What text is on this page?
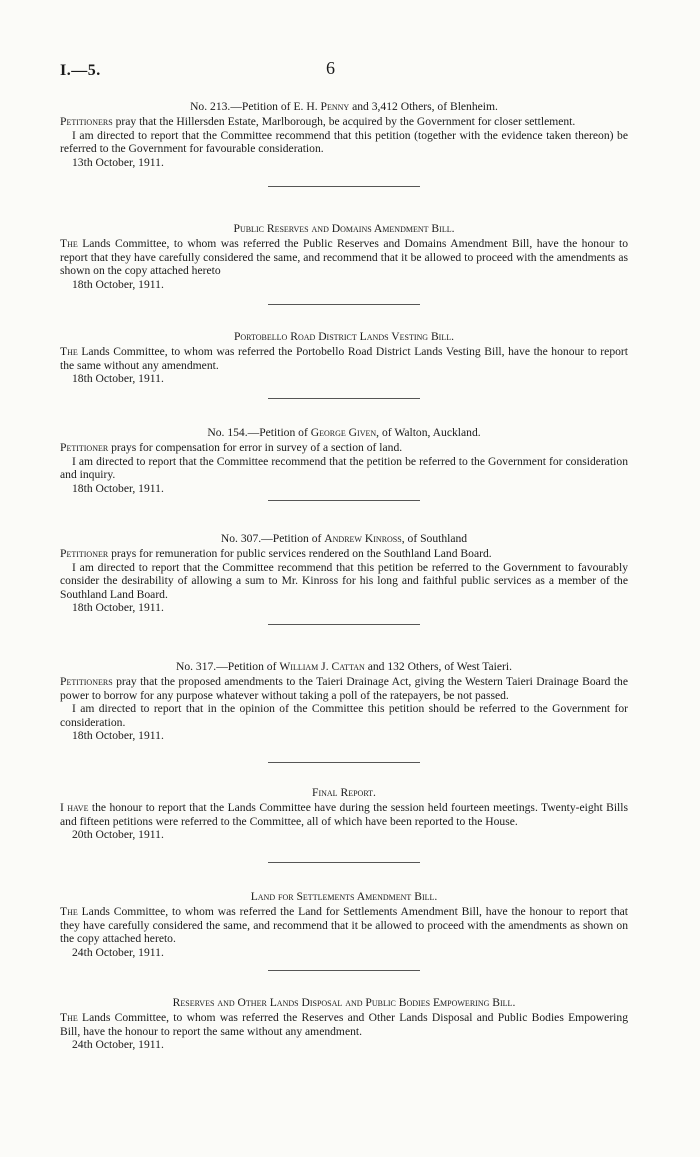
I.—5.	6

No. 213.—Petition of E. H. Penny and 3,412 Others, of Blenheim.

Petitioners pray that the Hillersden Estate, Marlborough, be acquired by the Government for closer settlement.

I am directed to report that the Committee recommend that this petition (together with the evidence taken thereon) be referred to the Government for favourable consideration.

13th October, 1911.

Public Reserves and Domains Amendment Bill.

The Lands Committee, to whom was referred the Public Reserves and Domains Amendment Bill, have the honour to report that they have carefully considered the same, and recommend that it be allowed to proceed with the amendments as shown on the copy attached hereto

18th October, 1911.

Portobello Road District Lands Vesting Bill.

The Lands Committee, to whom was referred the Portobello Road District Lands Vesting Bill, have the honour to report the same without any amendment.

18th October, 1911.

No. 154.—Petition of George Given, of Walton, Auckland.

Petitioner prays for compensation for error in survey of a section of land.

I am directed to report that the Committee recommend that the petition be referred to the Government for consideration and inquiry.

18th October, 1911.

No. 307.—Petition of Andrew Kinross, of Southland

Petitioner prays for remuneration for public services rendered on the Southland Land Board.

I am directed to report that the Committee recommend that this petition be referred to the Government to favourably consider the desirability of allowing a sum to Mr. Kinross for his long and faithful public services as a member of the Southland Land Board.

18th October, 1911.

No. 317.—Petition of William J. Cattan and 132 Others, of West Taieri.

Petitioners pray that the proposed amendments to the Taieri Drainage Act, giving the Western Taieri Drainage Board the power to borrow for any purpose whatever without taking a poll of the ratepayers, be not passed.

I am directed to report that in the opinion of the Committee this petition should be referred to the Government for consideration.

18th October, 1911.

Final Report.

I have the honour to report that the Lands Committee have during the session held fourteen meetings. Twenty-eight Bills and fifteen petitions were referred to the Committee, all of which have been reported to the House.

20th October, 1911.

Land for Settlements Amendment Bill.

The Lands Committee, to whom was referred the Land for Settlements Amendment Bill, have the honour to report that they have carefully considered the same, and recommend that it be allowed to proceed with the amendments as shown on the copy attached hereto.

24th October, 1911.

Reserves and Other Lands Disposal and Public Bodies Empowering Bill.

The Lands Committee, to whom was referred the Reserves and Other Lands Disposal and Public Bodies Empowering Bill, have the honour to report the same without any amendment.

24th October, 1911.
